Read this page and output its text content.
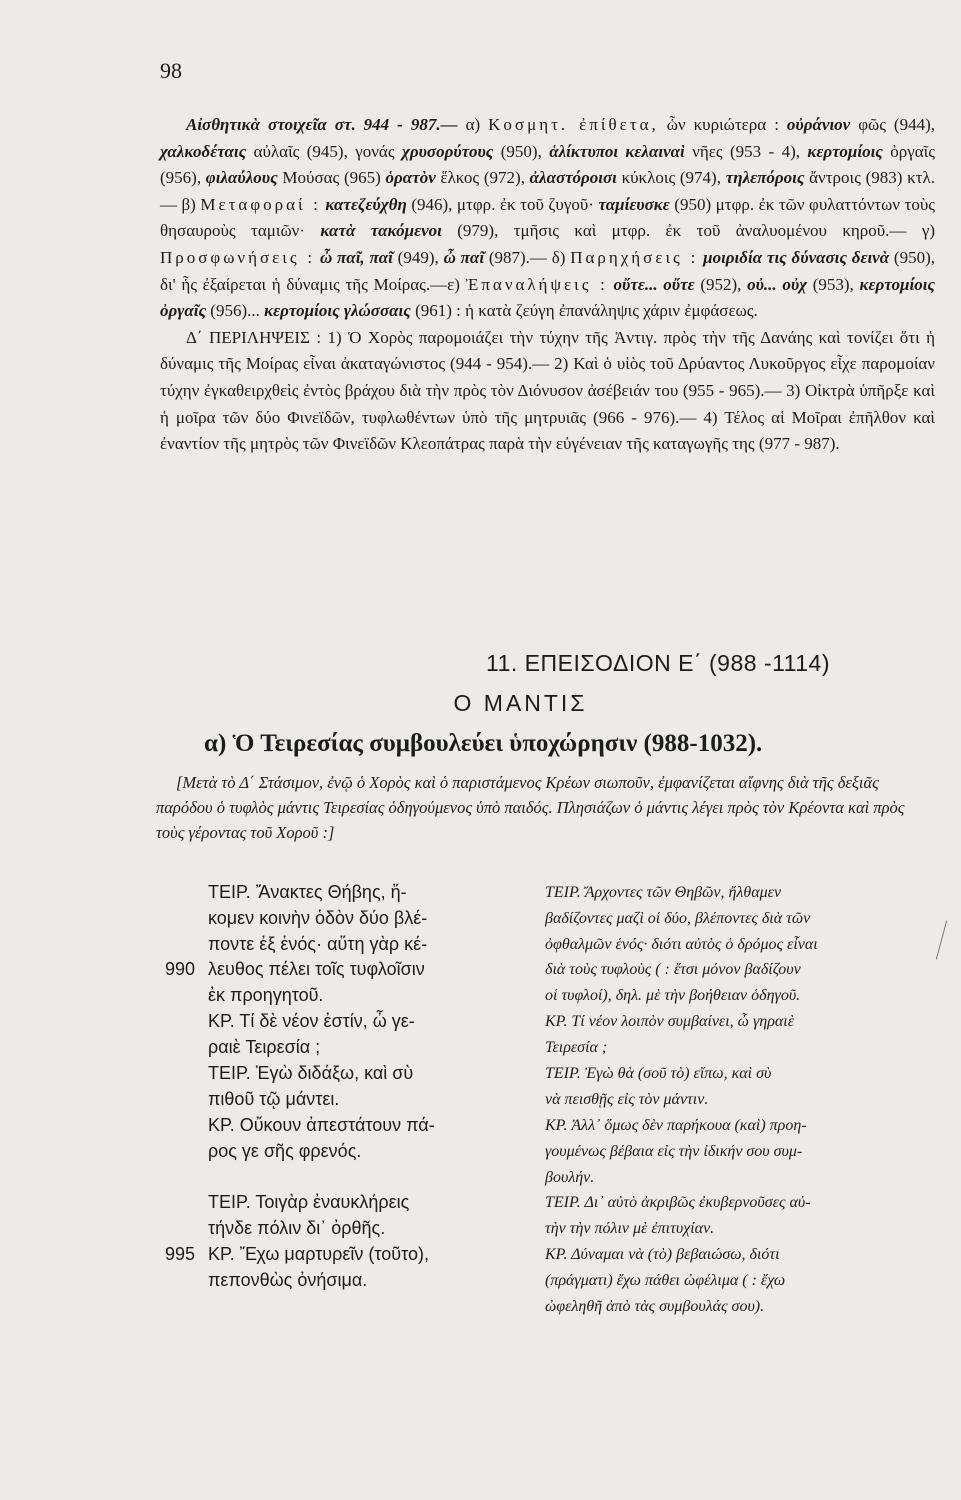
98

Αἰσθητικὰ στοιχεῖα στ. 944 - 987.— α) Κοσμητ. ἐπίθετα, ὧν κυριώτερα : οὐράνιον φῶς (944), χαλκοδέταις αὐλαῖς (945), γονάς χρυσορύτους (950), ἁλίκτυποι κελαιναὶ νῆες (953 - 4), κερτομίοις ὀργαῖς (956), φιλαύλους Μούσας (965) ὁρατὸν ἕλκος (972), ἀλαστόροισι κύκλοις (974), τηλεπόροις ἄντροις (983) κτλ.— β) Μεταφοραί : κατεζεύχθη (946), μτφρ. ἐκ τοῦ ζυγοῦ· ταμίευσκε (950) μτφρ. ἐκ τῶν φυλαττόντων τοὺς θησαυροὺς ταμιῶν· κατὰ τακόμενοι (979), τμῆσις καὶ μτφρ. ἐκ τοῦ ἀναλυομένου κηροῦ.— γ) Προσφωνήσεις : ὦ παῖ, παῖ (949), ὦ παῖ (987).— δ) Παρηχήσεις : μοιριδία τις δύνασις δεινὰ (950), δι' ἧς ἐξαίρεται ἡ δύναμις τῆς Μοίρας.—ε) Ἐπαναλήψεις : οὔτε... οὔτε (952), οὐ... οὐχ (953), κερτομίοις ὀργαῖς (956)... κερτομίοις γλώσσαις (961) : ἡ κατὰ ζεύγη ἐπανάληψις χάριν ἐμφάσεως.

Δ΄ ΠΕΡΙΛΗΨΕΙΣ : 1) Ὁ Χορὸς παρομοιάζει τὴν τύχην τῆς Ἀντιγ. πρὸς τὴν τῆς Δανάης καὶ τονίζει ὅτι ἡ δύναμις τῆς Μοίρας εἶναι ἀκαταγώνιστος (944 - 954).— 2) Καὶ ὁ υἱὸς τοῦ Δρύαντος Λυκοῦργος εἶχε παρομοίαν τύχην ἐγκαθειρχθεὶς ἐντὸς βράχου διὰ τὴν πρὸς τὸν Διόνυσον ἀσέβειάν του (955 - 965).— 3) Οἰκτρὰ ὑπῆρξε καὶ ἡ μοῖρα τῶν δύο Φινεϊδῶν, τυφλωθέντων ὑπὸ τῆς μητρυιᾶς (966 - 976).— 4) Τέλος αἱ Μοῖραι ἐπῆλθον καὶ ἐναντίον τῆς μητρὸς τῶν Φινεϊδῶν Κλεοπάτρας παρὰ τὴν εὐγένειαν τῆς καταγωγῆς της (977 - 987).

11. ΕΠΕΙΣΟΔΙΟΝ Ε΄ (988 -1114)
Ο ΜΑΝΤΙΣ
α) Ὁ Τειρεσίας συμβουλεύει ὑποχώρησιν (988-1032).

[Μετὰ τὸ Δ΄ Στάσιμον, ἐνῷ ὁ Χορὸς καὶ ὁ παριστάμενος Κρέων σιωποῦν, ἐμφανίζεται αἴφνης διὰ τῆς δεξιᾶς παρόδου ὁ τυφλὸς μάντις Τειρεσίας ὁδηγούμενος ὑπὸ παιδός. Πλησιάζων ὁ μάντις λέγει πρὸς τὸν Κρέοντα καὶ πρὸς τοὺς γέροντας τοῦ Χοροῦ :]

ΤΕΙΡ. Ἄνακτες Θήβης, ἥ-
κομεν κοινὴν ὁδὸν δύο βλέ-
ποντε ἐξ ἑνός· αὕτη γὰρ κέ-
ΤΕΙΡ. Ἄρχοντες τῶν Θηβῶν, ἤλθαμεν
βαδίζοντες μαζὶ οἱ δύο, βλέποντες διὰ τῶν
ὀφθαλμῶν ἑνός· διότι αὐτὸς ὁ δρόμος εἶναι
990 λευθος πέλει τοῖς τυφλοῖσιν
ἐκ προηγητοῦ.
διὰ τοὺς τυφλοὺς ( : ἔτσι μόνον βαδίζουν
οἱ τυφλοί), δηλ. μὲ τὴν βοήθειαν ὁδηγοῦ.
ΚΡ. Τί δὲ νέον ἐστίν, ὦ γε-
ραιὲ Τειρεσία ;
ΚΡ. Τί νέον λοιπὸν συμβαίνει, ὦ γηραιὲ
Τειρεσία ;
ΤΕΙΡ. Ἐγὼ διδάξω, καὶ σὺ
πιθοῦ τῷ μάντει.
ΤΕΙΡ. Ἐγὼ θὰ (σοῦ τὸ) εἴπω, καὶ σὺ
νὰ πεισθῇς εἰς τὸν μάντιν.
ΚΡ. Οὔκουν ἀπεστάτουν πά-
ρος γε σῆς φρενός.
ΚΡ. Ἀλλ᾽ ὅμως δὲν παρήκουα (καὶ) προη-
γουμένως βέβαια εἰς τὴν ἰδικήν σου συμ-
βουλήν.
ΤΕΙΡ. Τοιγὰρ ἐναυκλήρεις
τήνδε πόλιν δι᾽ ὀρθῆς.
ΤΕΙΡ. Δι᾽ αὐτὸ ἀκριβῶς ἐκυβερνοῦσες αὐ-
τὴν τὴν πόλιν μὲ ἐπιτυχίαν.
995 ΚΡ. Ἔχω μαρτυρεῖν (τοῦτο),
πεπονθὼς ὀνήσιμα.
ΚΡ. Δύναμαι νὰ (τὸ) βεβαιώσω, διότι
(πράγματι) ἔχω πάθει ὠφέλιμα ( : ἔχω
ὠφεληθῆ ἀπὸ τὰς συμβουλάς σου).
